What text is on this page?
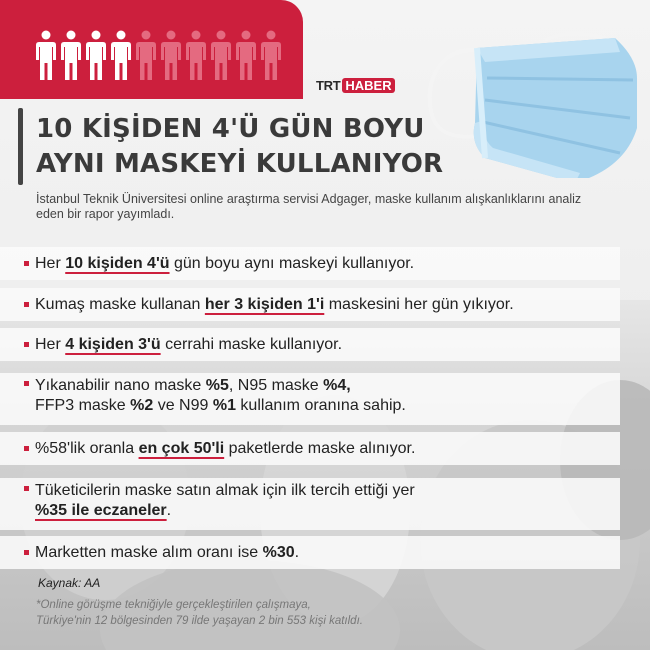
TRT HABER
10 KİŞİDEN 4'Ü GÜN BOYU
AYNI MASKEYİ KULLANIYOR
İstanbul Teknik Üniversitesi online araştırma servisi Adgager, maske kullanım alışkanlıklarını analiz eden bir rapor yayımladı.
Her 10 kişiden 4'ü gün boyu aynı maskeyi kullanıyor.
Kumaş maske kullanan her 3 kişiden 1'i maskesini her gün yıkıyor.
Her 4 kişiden 3'ü cerrahi maske kullanıyor.
Yıkanabilir nano maske %5, N95 maske %4,
FFP3 maske %2 ve N99 %1 kullanım oranına sahip.
%58'lik oranla en çok 50'li paketlerde maske alınıyor.
Tüketicilerin maske satın almak için ilk tercih ettiği yer
%35 ile eczaneler.
Marketten maske alım oranı ise %30.
Kaynak: AA
*Online görüşme tekniğiyle gerçekleştirilen çalışmaya,
Türkiye'nin 12 bölgesinden 79 ilde yaşayan 2 bin 553 kişi katıldı.
